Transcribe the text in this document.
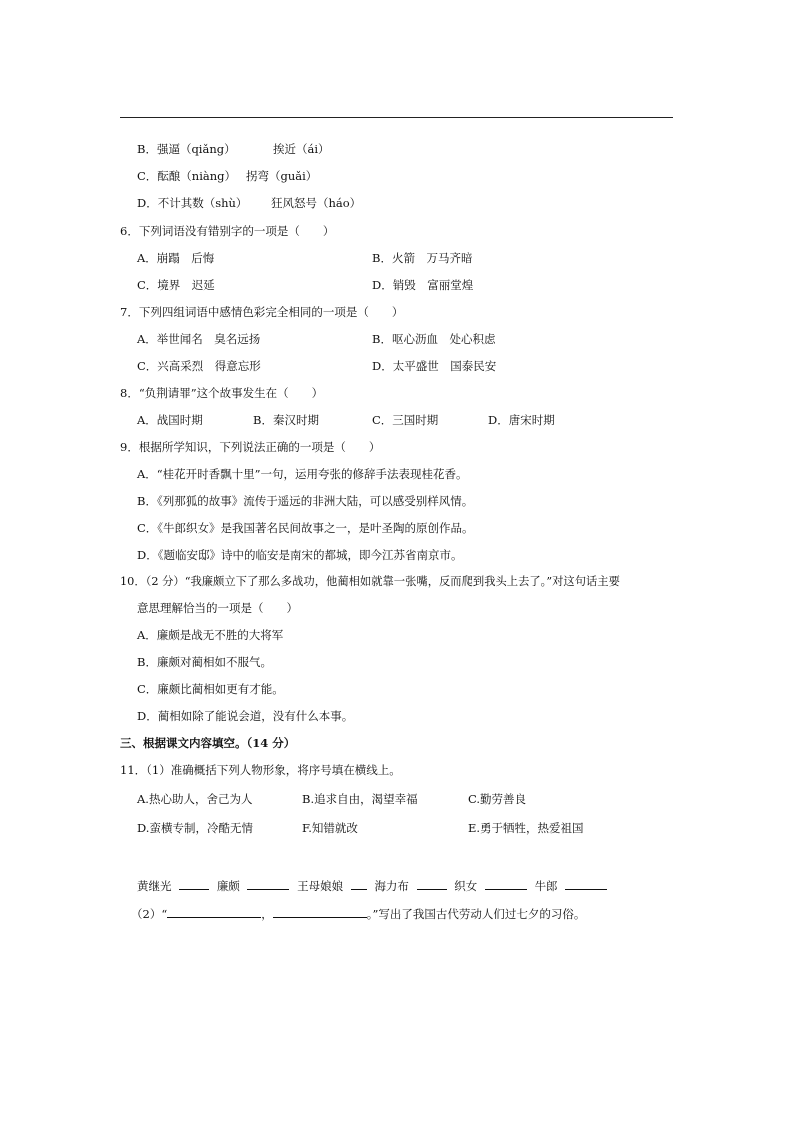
B．强逼（qiǎng）	挨近（ái）
C．酝酿（niàng） 拐弯（guǎi）
D．不计其数（shù） 狂风怒号（háo）
6．下列词语没有错别字的一项是（　　）
A．崩蹋　后悔	B．火箭　万马齐暗
C．境界　迟延	D．销毁　富丽堂煌
7．下列四组词语中感情色彩完全相同的一项是（　　）
A．举世闻名　臭名远扬	B．呕心沥血　处心积虑
C．兴高采烈　得意忘形	D．太平盛世　国泰民安
8．“负荆请罪”这个故事发生在（　　）
A．战国时期	B．秦汉时期	C．三国时期	D．唐宋时期
9．根据所学知识，下列说法正确的一项是（　　）
A．“桂花开时香飘十里”一句，运用夸张的修辞手法表现桂花香。
B．《列那狐的故事》流传于遥远的非洲大陆，可以感受别样风情。
C．《牛郎织女》是我国著名民间故事之一，是叶圣陶的原创作品。
D．《题临安邸》诗中的临安是南宋的都城，即今江苏省南京市。
10．（2 分）“我廉颇立下了那么多战功，他蔺相如就靠一张嘴，反而爬到我头上去了。”对这句话主要
意思理解恰当的一项是（　　）
A．廉颇是战无不胜的大将军
B．廉颇对蔺相如不服气。
C．廉颇比蔺相如更有才能。
D．蔺相如除了能说会道，没有什么本事。
三、根据课文内容填空。（14 分）
11．（1）准确概括下列人物形象，将序号填在横线上。
A.热心助人，舍己为人	B.追求自由，渴望幸福	C.勤劳善良
D.蛮横专制，冷酷无情	F.知错就改	E.勇于牺牲，热爱祖国
黄继光	廉颇	王母娘娘	海力布	织女	牛郎
（2）“	，	。”写出了我国古代劳动人们过七夕的习俗。
